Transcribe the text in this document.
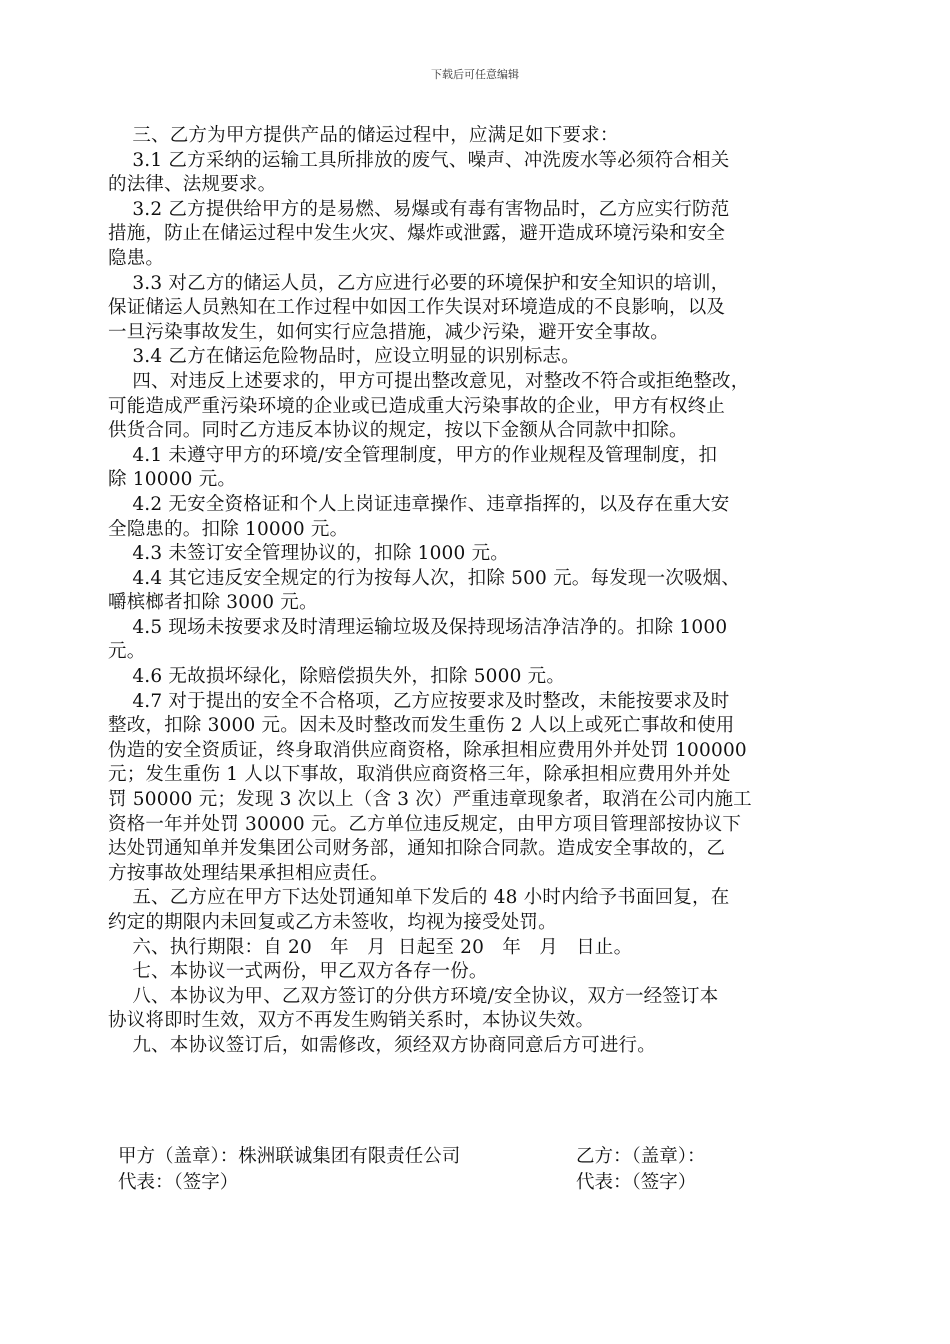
下载后可任意编辑
三、乙方为甲方提供产品的储运过程中，应满足如下要求：
3.1 乙方采纳的运输工具所排放的废气、噪声、冲洗废水等必须符合相关
的法律、法规要求。
3.2 乙方提供给甲方的是易燃、易爆或有毒有害物品时，乙方应实行防范
措施，防止在储运过程中发生火灾、爆炸或泄露，避开造成环境污染和安全
隐患。
3.3 对乙方的储运人员，乙方应进行必要的环境保护和安全知识的培训，
保证储运人员熟知在工作过程中如因工作失误对环境造成的不良影响，以及
一旦污染事故发生，如何实行应急措施，减少污染，避开安全事故。
3.4 乙方在储运危险物品时，应设立明显的识别标志。
四、对违反上述要求的，甲方可提出整改意见，对整改不符合或拒绝整改，
可能造成严重污染环境的企业或已造成重大污染事故的企业，甲方有权终止
供货合同。同时乙方违反本协议的规定，按以下金额从合同款中扣除。
4.1 未遵守甲方的环境/安全管理制度，甲方的作业规程及管理制度，扣
除 10000 元。
4.2 无安全资格证和个人上岗证违章操作、违章指挥的，以及存在重大安
全隐患的。扣除 10000 元。
4.3 未签订安全管理协议的，扣除 1000 元。
4.4 其它违反安全规定的行为按每人次，扣除 500 元。每发现一次吸烟、
嚼槟榔者扣除 3000 元。
4.5 现场未按要求及时清理运输垃圾及保持现场洁净洁净的。扣除 1000
元。
4.6 无故损坏绿化，除赔偿损失外，扣除 5000 元。
4.7 对于提出的安全不合格项，乙方应按要求及时整改，未能按要求及时
整改，扣除 3000 元。因未及时整改而发生重伤 2 人以上或死亡事故和使用
伪造的安全资质证，终身取消供应商资格，除承担相应费用外并处罚 100000
元；发生重伤 1 人以下事故，取消供应商资格三年，除承担相应费用外并处
罚 50000 元；发现 3 次以上（含 3 次）严重违章现象者，取消在公司内施工
资格一年并处罚 30000 元。乙方单位违反规定，由甲方项目管理部按协议下
达处罚通知单并发集团公司财务部，通知扣除合同款。造成安全事故的，乙
方按事故处理结果承担相应责任。
五、乙方应在甲方下达处罚通知单下发后的 48 小时内给予书面回复，在
约定的期限内未回复或乙方未签收，均视为接受处罚。
六、执行期限：自 20   年   月  日起至 20   年   月   日止。
七、本协议一式两份，甲乙双方各存一份。
八、本协议为甲、乙双方签订的分供方环境/安全协议，双方一经签订本
协议将即时生效，双方不再发生购销关系时，本协议失效。
九、本协议签订后，如需修改，须经双方协商同意后方可进行。

甲方（盖章）：株洲联诚集团有限责任公司

	乙方：（盖章）：

代表：（签字）

	代表：（签字）
